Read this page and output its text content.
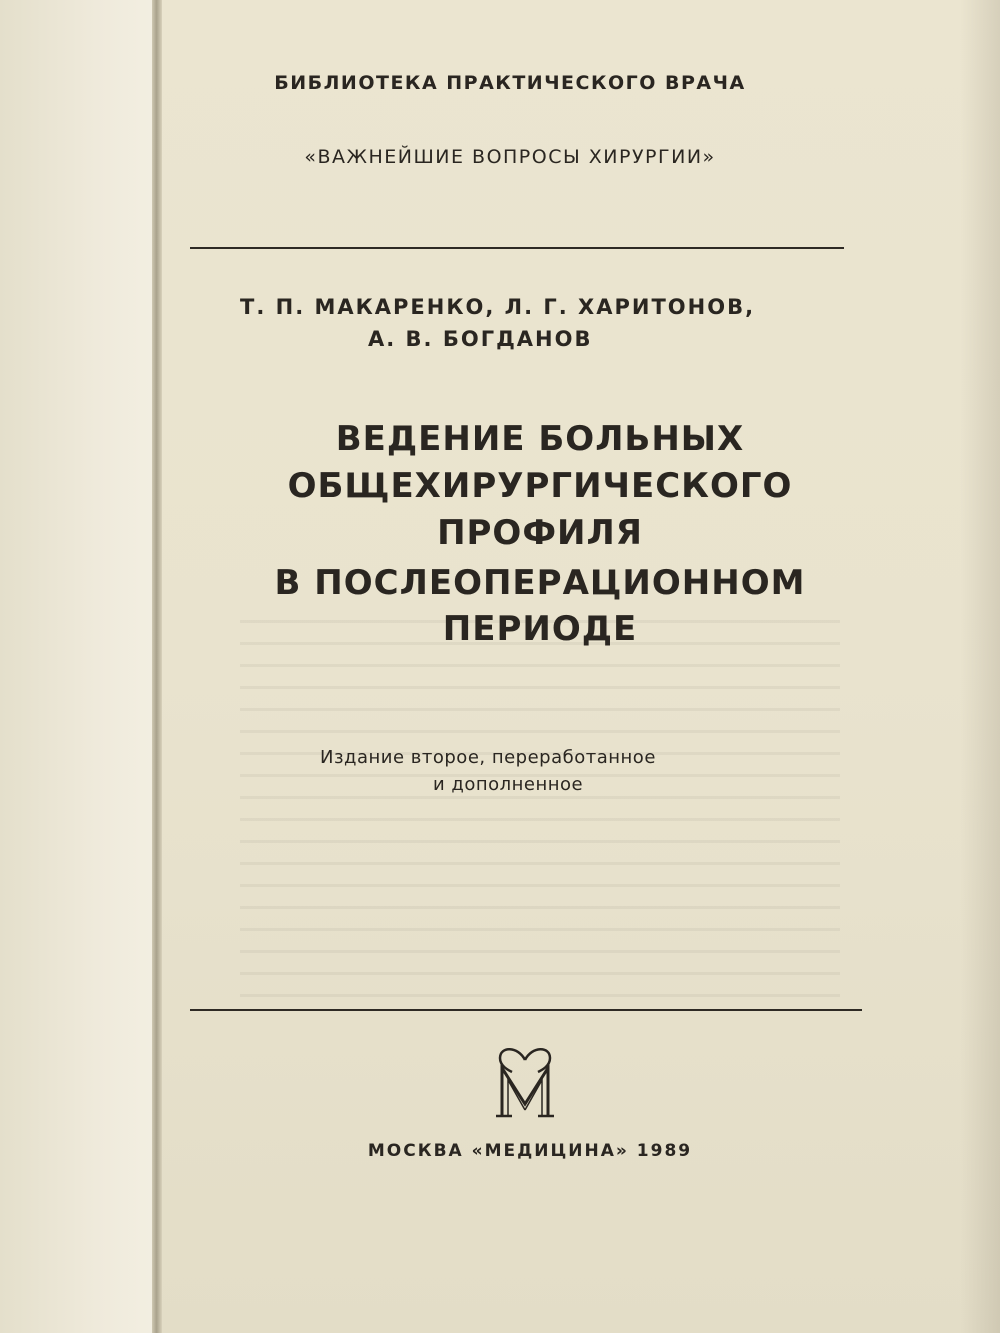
БИБЛИОТЕКА ПРАКТИЧЕСКОГО ВРАЧА

«ВАЖНЕЙШИЕ ВОПРОСЫ ХИРУРГИИ»

Т. П. МАКАРЕНКО, Л. Г. ХАРИТОНОВ,

А. В. БОГДАНОВ

ВЕДЕНИЕ БОЛЬНЫХ

ОБЩЕХИРУРГИЧЕСКОГО

ПРОФИЛЯ

В ПОСЛЕОПЕРАЦИОННОМ

ПЕРИОДЕ

Издание второе, переработанное

и дополненное

МОСКВА «МЕДИЦИНА» 1989
